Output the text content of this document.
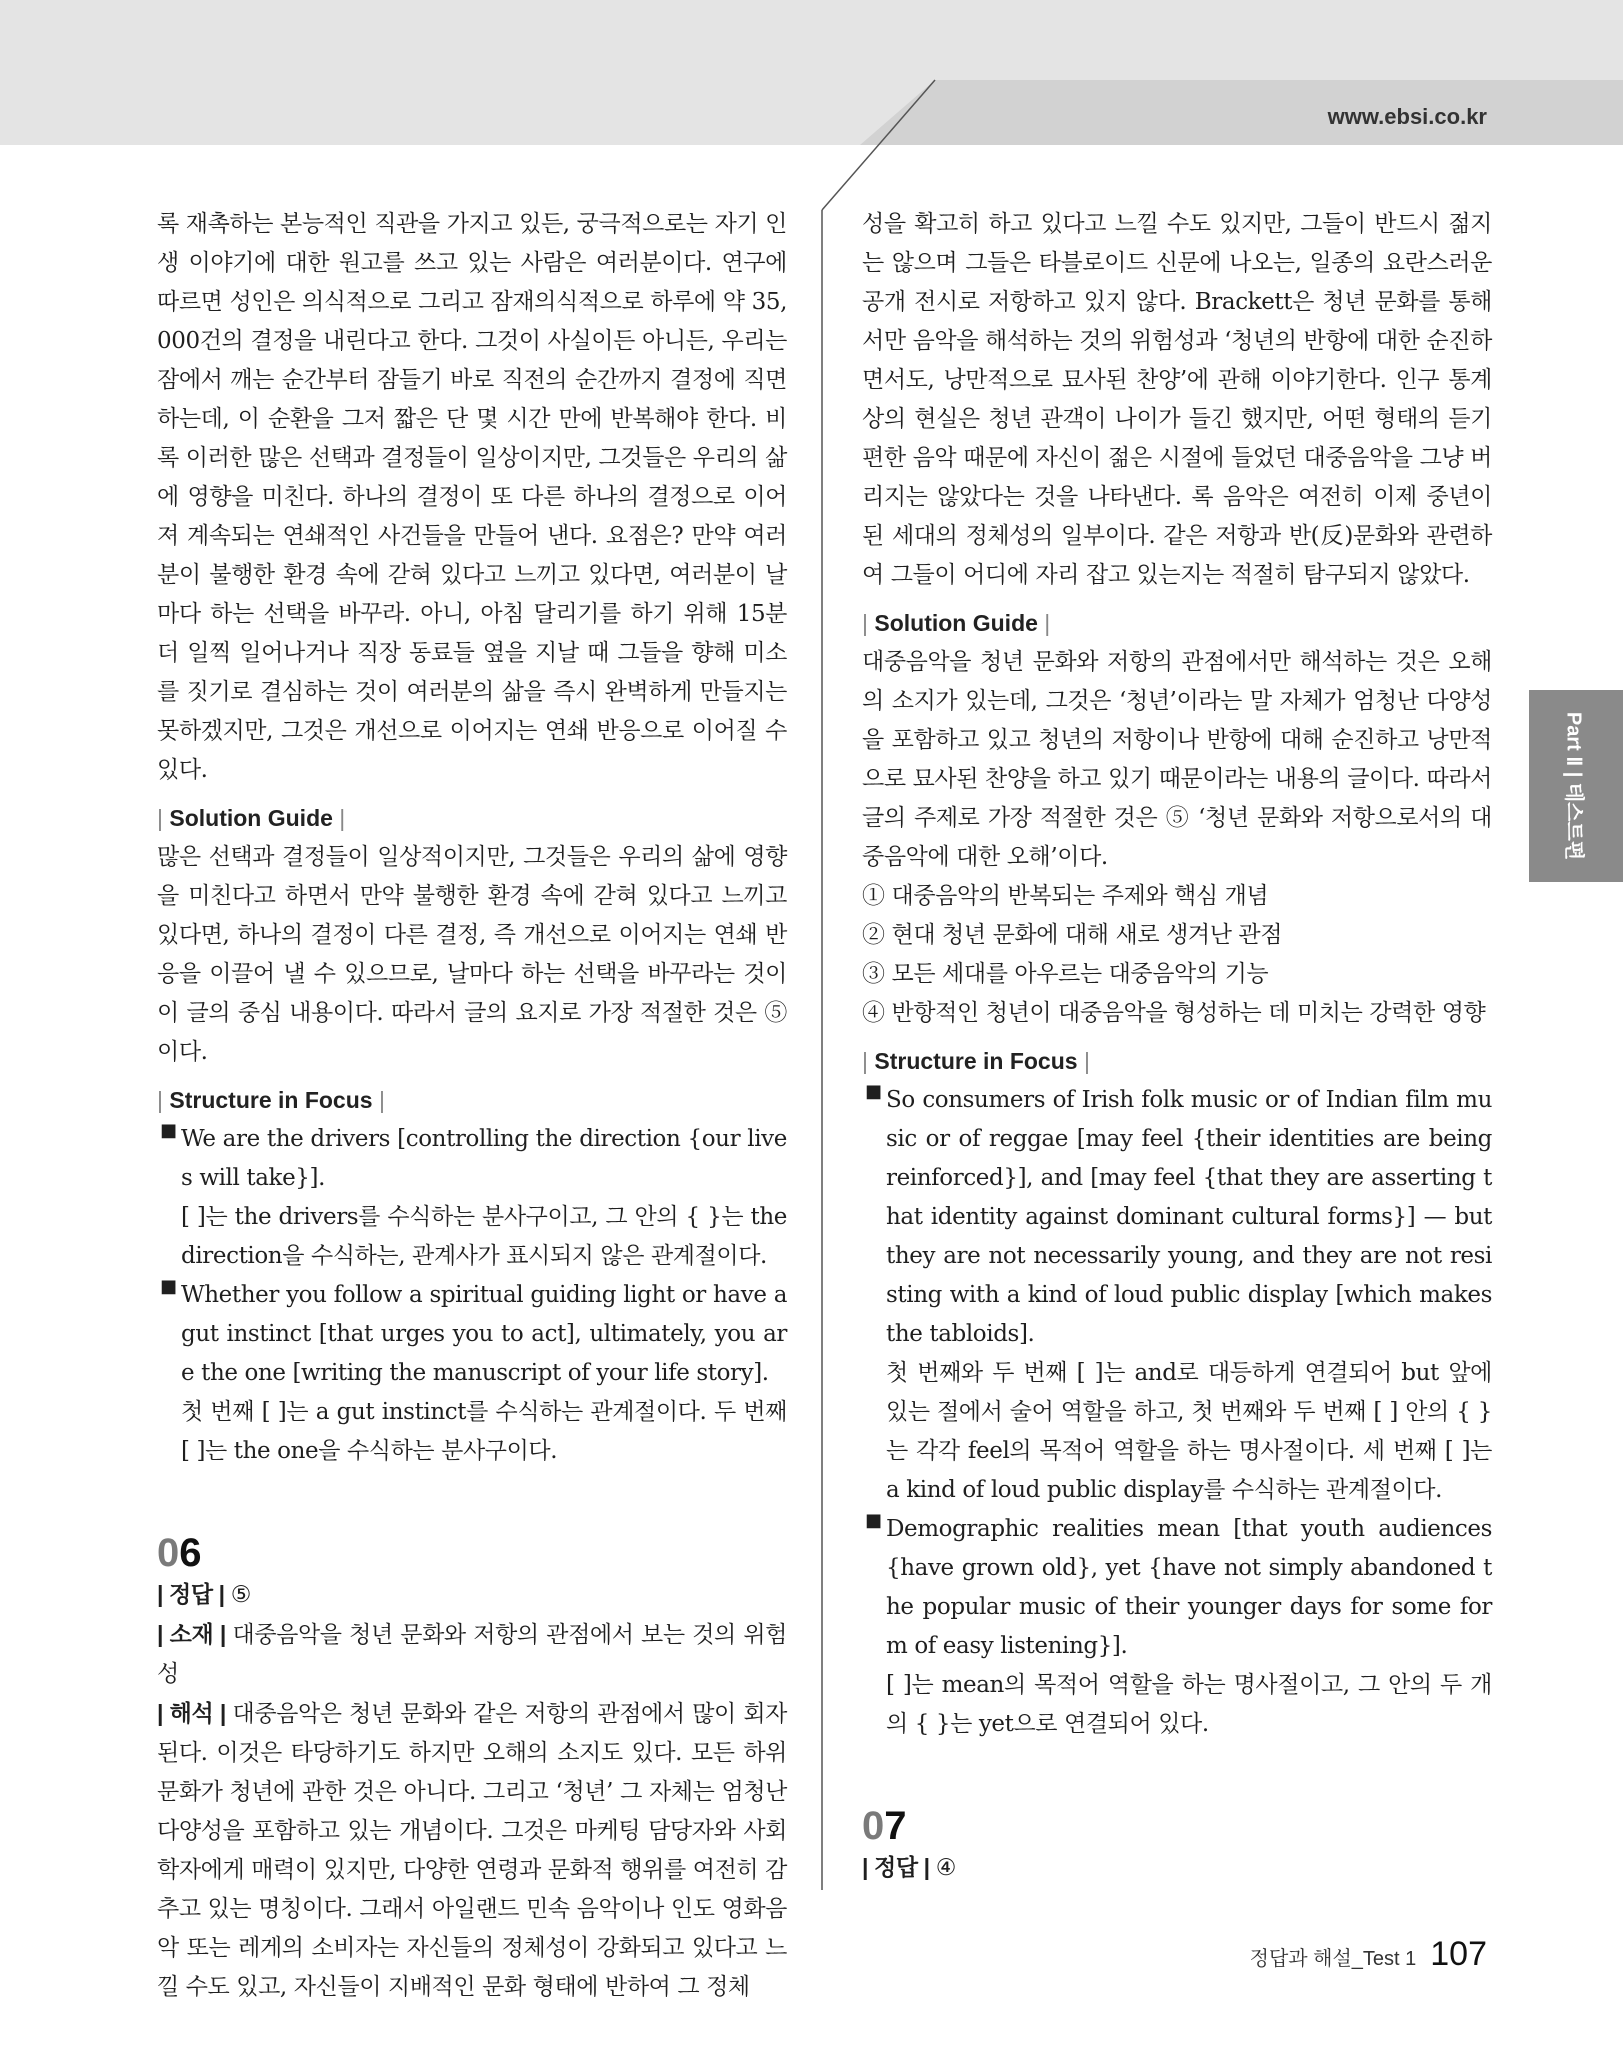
www.ebsi.co.kr

록 재촉하는 본능적인 직관을 가지고 있든, 궁극적으로는 자기 인생 이야기에 대한 원고를 쓰고 있는 사람은 여러분이다. 연구에 따르면 성인은 의식적으로 그리고 잠재의식적으로 하루에 약 35,000건의 결정을 내린다고 한다. 그것이 사실이든 아니든, 우리는 잠에서 깨는 순간부터 잠들기 바로 직전의 순간까지 결정에 직면하는데, 이 순환을 그저 짧은 단 몇 시간 만에 반복해야 한다. 비록 이러한 많은 선택과 결정들이 일상이지만, 그것들은 우리의 삶에 영향을 미친다. 하나의 결정이 또 다른 하나의 결정으로 이어져 계속되는 연쇄적인 사건들을 만들어 낸다. 요점은? 만약 여러분이 불행한 환경 속에 갇혀 있다고 느끼고 있다면, 여러분이 날마다 하는 선택을 바꾸라. 아니, 아침 달리기를 하기 위해 15분 더 일찍 일어나거나 직장 동료들 옆을 지날 때 그들을 향해 미소를 짓기로 결심하는 것이 여러분의 삶을 즉시 완벽하게 만들지는 못하겠지만, 그것은 개선으로 이어지는 연쇄 반응으로 이어질 수 있다.

| Solution Guide |

많은 선택과 결정들이 일상적이지만, 그것들은 우리의 삶에 영향을 미친다고 하면서 만약 불행한 환경 속에 갇혀 있다고 느끼고 있다면, 하나의 결정이 다른 결정, 즉 개선으로 이어지는 연쇄 반응을 이끌어 낼 수 있으므로, 날마다 하는 선택을 바꾸라는 것이 이 글의 중심 내용이다. 따라서 글의 요지로 가장 적절한 것은 ⑤이다.

| Structure in Focus |
■ We are the drivers [controlling the direction {our lives will take}].

[ ]는 the drivers를 수식하는 분사구이고, 그 안의 { }는 the direction을 수식하는, 관계사가 표시되지 않은 관계절이다.

■ Whether you follow a spiritual guiding light or have a gut instinct [that urges you to act], ultimately, you are the one [writing the manuscript of your life story].

첫 번째 [ ]는 a gut instinct를 수식하는 관계절이다. 두 번째 [ ]는 the one을 수식하는 분사구이다.

06

| 정답 | ⑤

| 소재 | 대중음악을 청년 문화와 저항의 관점에서 보는 것의 위험성

| 해석 | 대중음악은 청년 문화와 같은 저항의 관점에서 많이 회자된다. 이것은 타당하기도 하지만 오해의 소지도 있다. 모든 하위문화가 청년에 관한 것은 아니다. 그리고 ‘청년’ 그 자체는 엄청난 다양성을 포함하고 있는 개념이다. 그것은 마케팅 담당자와 사회학자에게 매력이 있지만, 다양한 연령과 문화적 행위를 여전히 감추고 있는 명칭이다. 그래서 아일랜드 민속 음악이나 인도 영화음악 또는 레게의 소비자는 자신들의 정체성이 강화되고 있다고 느낄 수도 있고, 자신들이 지배적인 문화 형태에 반하여 그 정체

성을 확고히 하고 있다고 느낄 수도 있지만, 그들이 반드시 젊지는 않으며 그들은 타블로이드 신문에 나오는, 일종의 요란스러운 공개 전시로 저항하고 있지 않다. Brackett은 청년 문화를 통해서만 음악을 해석하는 것의 위험성과 ‘청년의 반항에 대한 순진하면서도, 낭만적으로 묘사된 찬양’에 관해 이야기한다. 인구 통계상의 현실은 청년 관객이 나이가 들긴 했지만, 어떤 형태의 듣기 편한 음악 때문에 자신이 젊은 시절에 들었던 대중음악을 그냥 버리지는 않았다는 것을 나타낸다. 록 음악은 여전히 이제 중년이 된 세대의 정체성의 일부이다. 같은 저항과 반(反)문화와 관련하여 그들이 어디에 자리 잡고 있는지는 적절히 탐구되지 않았다.

| Solution Guide |

대중음악을 청년 문화와 저항의 관점에서만 해석하는 것은 오해의 소지가 있는데, 그것은 ‘청년’이라는 말 자체가 엄청난 다양성을 포함하고 있고 청년의 저항이나 반항에 대해 순진하고 낭만적으로 묘사된 찬양을 하고 있기 때문이라는 내용의 글이다. 따라서 글의 주제로 가장 적절한 것은 ⑤ ‘청년 문화와 저항으로서의 대중음악에 대한 오해’이다.

① 대중음악의 반복되는 주제와 핵심 개념

② 현대 청년 문화에 대해 새로 생겨난 관점

③ 모든 세대를 아우르는 대중음악의 기능

④ 반항적인 청년이 대중음악을 형성하는 데 미치는 강력한 영향

| Structure in Focus |
■ So consumers of Irish folk music or of Indian film music or of reggae [may feel {their identities are being reinforced}], and [may feel {that they are asserting that identity against dominant cultural forms}] — but they are not necessarily young, and they are not resisting with a kind of loud public display [which makes the tabloids].

첫 번째와 두 번째 [ ]는 and로 대등하게 연결되어 but 앞에 있는 절에서 술어 역할을 하고, 첫 번째와 두 번째 [ ] 안의 { }는 각각 feel의 목적어 역할을 하는 명사절이다. 세 번째 [ ]는 a kind of loud public display를 수식하는 관계절이다.

■ Demographic realities mean [that youth audiences {have grown old}, yet {have not simply abandoned the popular music of their younger days for some form of easy listening}].

[ ]는 mean의 목적어 역할을 하는 명사절이고, 그 안의 두 개의 { }는 yet으로 연결되어 있다.

07

| 정답 | ④

Part Ⅱ | 테스트편
정답과 해설_Test 1 107
